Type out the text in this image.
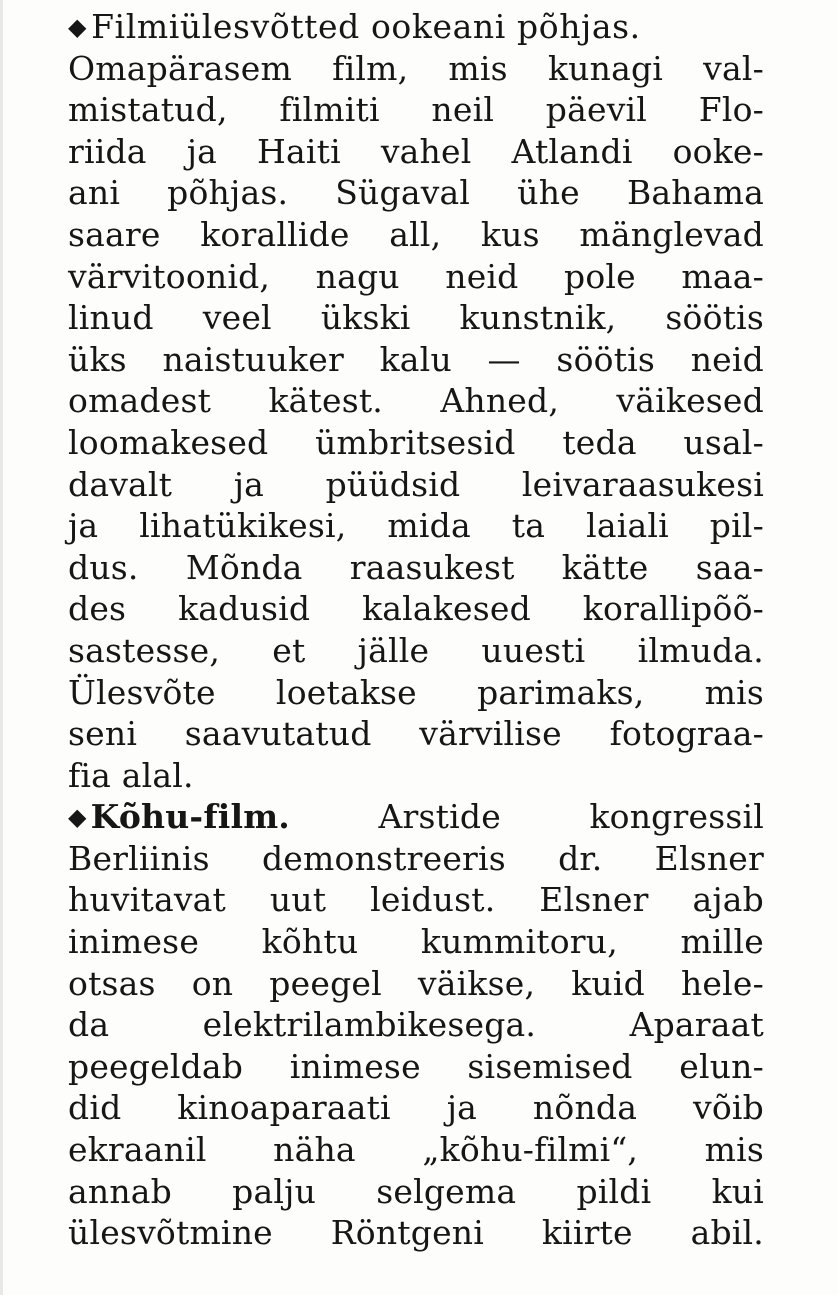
◆ Filmiülesvõtted ookeani põhjas.
Omapärasem film, mis kunagi val-
mistatud, filmiti neil päevil Flo-
riida ja Haiti vahel Atlandi ooke-
ani põhjas. Sügaval ühe Bahama
saare korallide all, kus mänglevad
värvitoonid, nagu neid pole maa-
linud veel ükski kunstnik, söötis
üks naistuuker kalu — söötis neid
omadest kätest. Ahned, väikesed
loomakesed ümbritsesid teda usal-
davalt ja püüdsid leivaraasukesi
ja lihatükikesi, mida ta laiali pil-
dus. Mõnda raasukest kätte saa-
des kadusid kalakesed korallipõõ-
sastesse, et jälle uuesti ilmuda.
Ülesvõte loetakse parimaks, mis
seni saavutatud värvilise fotograa-
fia alal.
◆ Kõhu-film. Arstide kongressil
Berliinis demonstreeris dr. Elsner
huvitavat uut leidust. Elsner ajab
inimese kõhtu kummitoru, mille
otsas on peegel väikse, kuid hele-
da elektrilambikesega. Aparaat
peegeldab inimese sisemised elun-
did kinoaparaati ja nõnda võib
ekraanil näha „kõhu-filmi“, mis
annab palju selgema pildi kui
ülesvõtmine Röntgeni kiirte abil.
